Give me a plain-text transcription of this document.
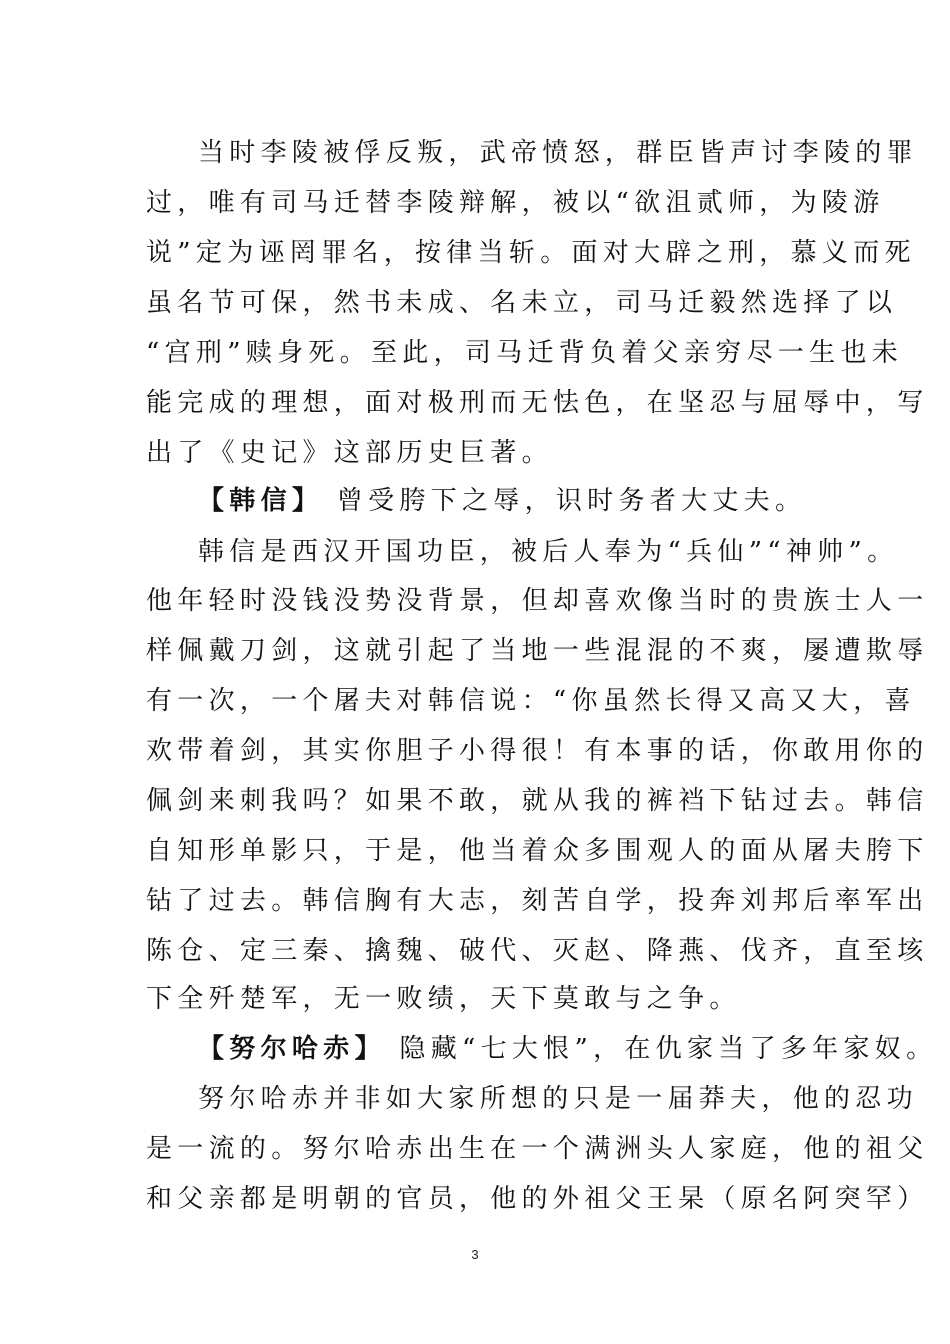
当时李陵被俘反叛，武帝愤怒，群臣皆声讨李陵的罪
过，唯有司马迁替李陵辩解，被以“欲沮贰师，为陵游
说”定为诬罔罪名，按律当斩。面对大辟之刑，慕义而死
虽名节可保，然书未成、名未立，司马迁毅然选择了以
“宫刑”赎身死。至此，司马迁背负着父亲穷尽一生也未
能完成的理想，面对极刑而无怯色，在坚忍与屈辱中，写
出了《史记》这部历史巨著。
【韩信】 曾受胯下之辱，识时务者大丈夫。
韩信是西汉开国功臣，被后人奉为“兵仙”“神帅”。
他年轻时没钱没势没背景，但却喜欢像当时的贵族士人一
样佩戴刀剑，这就引起了当地一些混混的不爽，屡遭欺辱
有一次，一个屠夫对韩信说：“你虽然长得又高又大，喜
欢带着剑，其实你胆子小得很！有本事的话，你敢用你的
佩剑来刺我吗？如果不敢，就从我的裤裆下钻过去。韩信
自知形单影只，于是，他当着众多围观人的面从屠夫胯下
钻了过去。韩信胸有大志，刻苦自学，投奔刘邦后率军出
陈仓、定三秦、擒魏、破代、灭赵、降燕、伐齐，直至垓
下全歼楚军，无一败绩，天下莫敢与之争。
【努尔哈赤】 隐藏“七大恨”，在仇家当了多年家奴。
努尔哈赤并非如大家所想的只是一届莽夫，他的忍功
是一流的。努尔哈赤出生在一个满洲头人家庭，他的祖父
和父亲都是明朝的官员，他的外祖父王杲（原名阿突罕）
3
